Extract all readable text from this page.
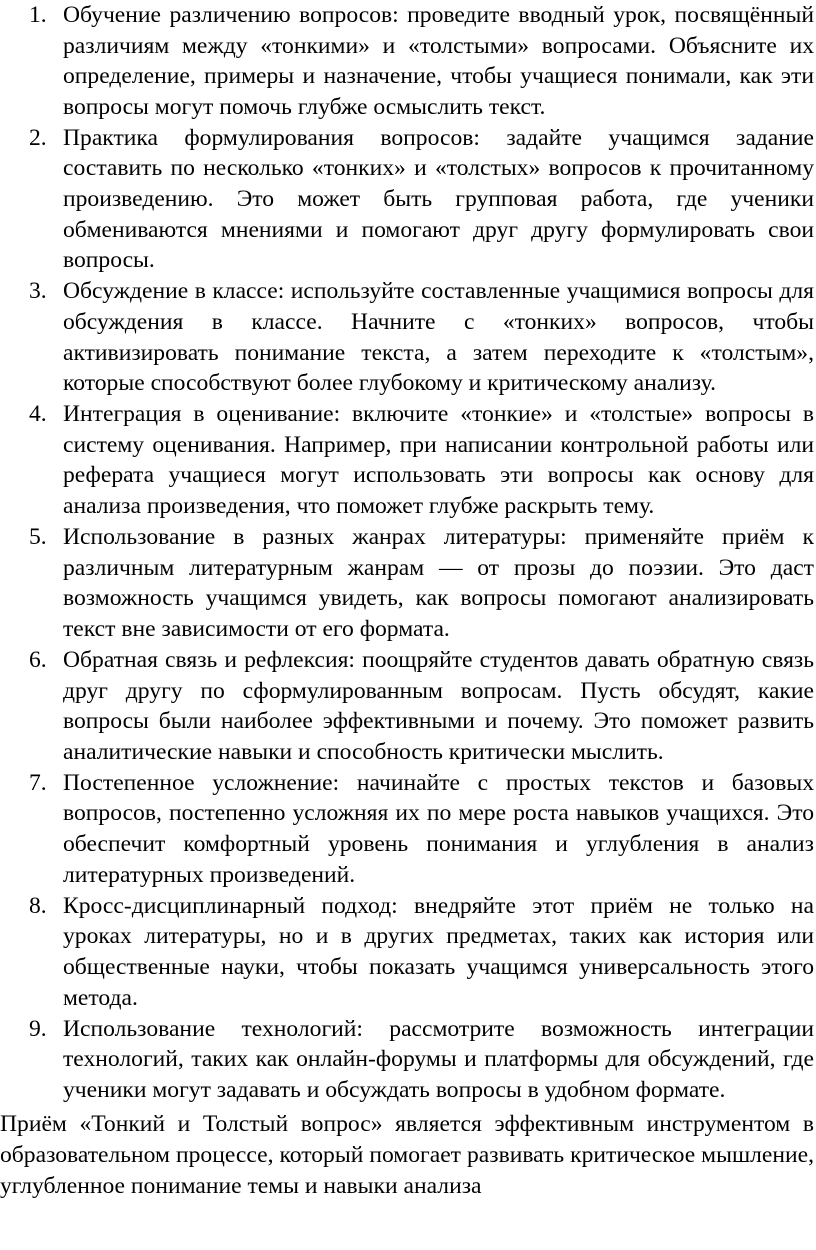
1. Обучение различению вопросов: проведите вводный урок, посвящённый различиям между «тонкими» и «толстыми» вопросами. Объясните их определение, примеры и назначение, чтобы учащиеся понимали, как эти вопросы могут помочь глубже осмыслить текст.
2. Практика формулирования вопросов: задайте учащимся задание составить по несколько «тонких» и «толстых» вопросов к прочитанному произведению. Это может быть групповая работа, где ученики обмениваются мнениями и помогают друг другу формулировать свои вопросы.
3. Обсуждение в классе: используйте составленные учащимися вопросы для обсуждения в классе. Начните с «тонких» вопросов, чтобы активизировать понимание текста, а затем переходите к «толстым», которые способствуют более глубокому и критическому анализу.
4. Интеграция в оценивание: включите «тонкие» и «толстые» вопросы в систему оценивания. Например, при написании контрольной работы или реферата учащиеся могут использовать эти вопросы как основу для анализа произведения, что поможет глубже раскрыть тему.
5. Использование в разных жанрах литературы: применяйте приём к различным литературным жанрам — от прозы до поэзии. Это даст возможность учащимся увидеть, как вопросы помогают анализировать текст вне зависимости от его формата.
6. Обратная связь и рефлексия: поощряйте студентов давать обратную связь друг другу по сформулированным вопросам. Пусть обсудят, какие вопросы были наиболее эффективными и почему. Это поможет развить аналитические навыки и способность критически мыслить.
7. Постепенное усложнение: начинайте с простых текстов и базовых вопросов, постепенно усложняя их по мере роста навыков учащихся. Это обеспечит комфортный уровень понимания и углубления в анализ литературных произведений.
8. Кросс-дисциплинарный подход: внедряйте этот приём не только на уроках литературы, но и в других предметах, таких как история или общественные науки, чтобы показать учащимся универсальность этого метода.
9. Использование технологий: рассмотрите возможность интеграции технологий, таких как онлайн-форумы и платформы для обсуждений, где ученики могут задавать и обсуждать вопросы в удобном формате.

Приём «Тонкий и Толстый вопрос» является эффективным инструментом в образовательном процессе, который помогает развивать критическое мышление, углубленное понимание темы и навыки анализа
